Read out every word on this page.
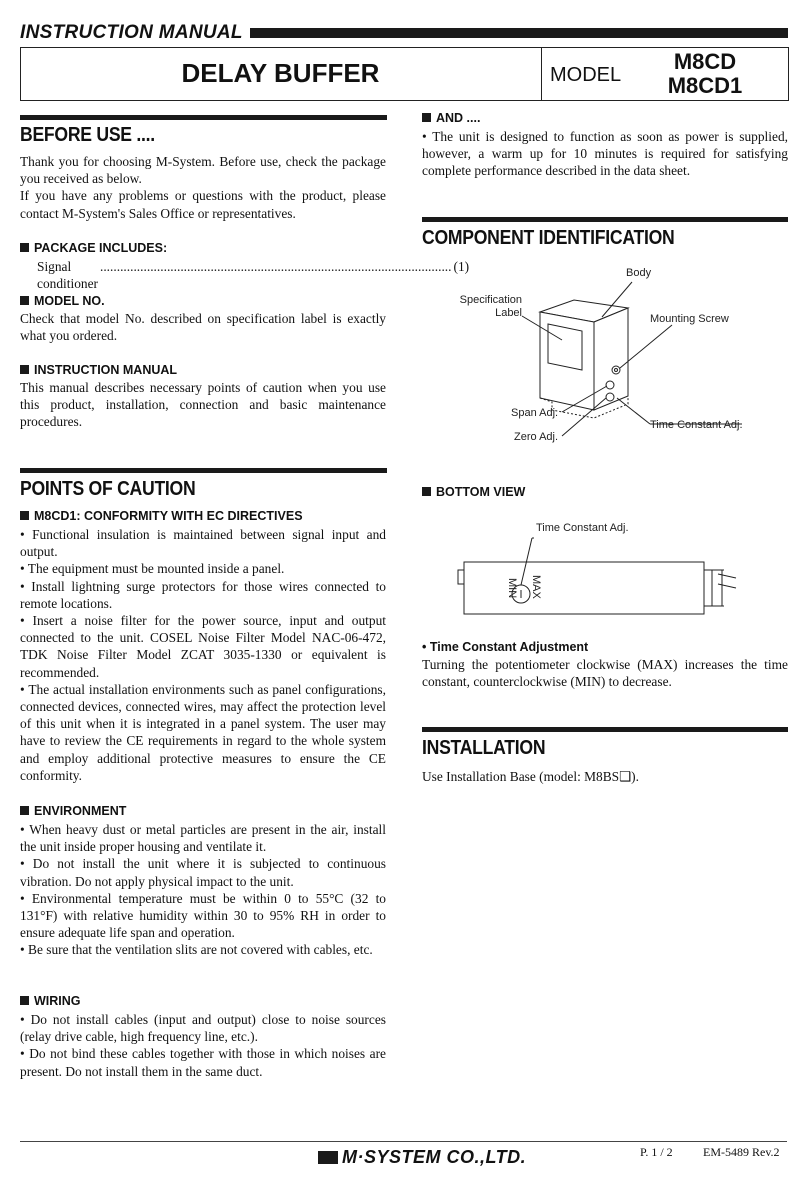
INSTRUCTION MANUAL
DELAY BUFFER	MODEL
M8CD
M8CD1
BEFORE USE ....
Thank you for choosing M-System. Before use, check the package you received as below.
If you have any problems or questions with the product, please contact M-System's Sales Office or representatives.
PACKAGE INCLUDES:
Signal conditioner
......................................................................................................... (1)
MODEL NO.
Check that model No. described on specification label is exactly what you ordered.
INSTRUCTION MANUAL
This manual describes necessary points of caution when you use this product, installation, connection and basic maintenance procedures.
POINTS OF CAUTION
M8CD1: CONFORMITY WITH EC DIRECTIVES
• Functional insulation is maintained between signal input and output.
• The equipment must be mounted inside a panel.
• Install lightning surge protectors for those wires connected to remote locations.
• Insert a noise filter for the power source, input and output connected to the unit. COSEL Noise Filter Model NAC-06-472, TDK Noise Filter Model ZCAT 3035-1330 or equivalent is recommended.
• The actual installation environments such as panel configurations, connected devices, connected wires, may affect the protection level of this unit when it is integrated in a panel system. The user may have to review the CE requirements in regard to the whole system and employ additional protective measures to ensure the CE conformity.
ENVIRONMENT
• When heavy dust or metal particles are present in the air, install the unit inside proper housing and ventilate it.
• Do not install the unit where it is subjected to continuous vibration. Do not apply physical impact to the unit.
• Environmental temperature must be within 0 to 55°C (32 to 131°F) with relative humidity within 30 to 95% RH in order to ensure adequate life span and operation.
• Be sure that the ventilation slits are not covered with cables, etc.
WIRING
• Do not install cables (input and output) close to noise sources (relay drive cable, high frequency line, etc.).
• Do not bind these cables together with those in which noises are present. Do not install them in the same duct.
AND ....
• The unit is designed to function as soon as power is supplied, however, a warm up for 10 minutes is required for satisfying complete performance described in the data sheet.
COMPONENT IDENTIFICATION
Body
Specification
Label	Mounting Screw
Span Adj.
Zero Adj.
Time Constant Adj.
BOTTOM VIEW
Time Constant Adj.
MAX
MIN
• Time Constant Adjustment
Turning the potentiometer clockwise (MAX) increases the time constant, counterclockwise (MIN) to decrease.
INSTALLATION
Use Installation Base (model: M8BS❑).
M·SYSTEM CO.,LTD.	P. 1 / 2	EM-5489 Rev.2
